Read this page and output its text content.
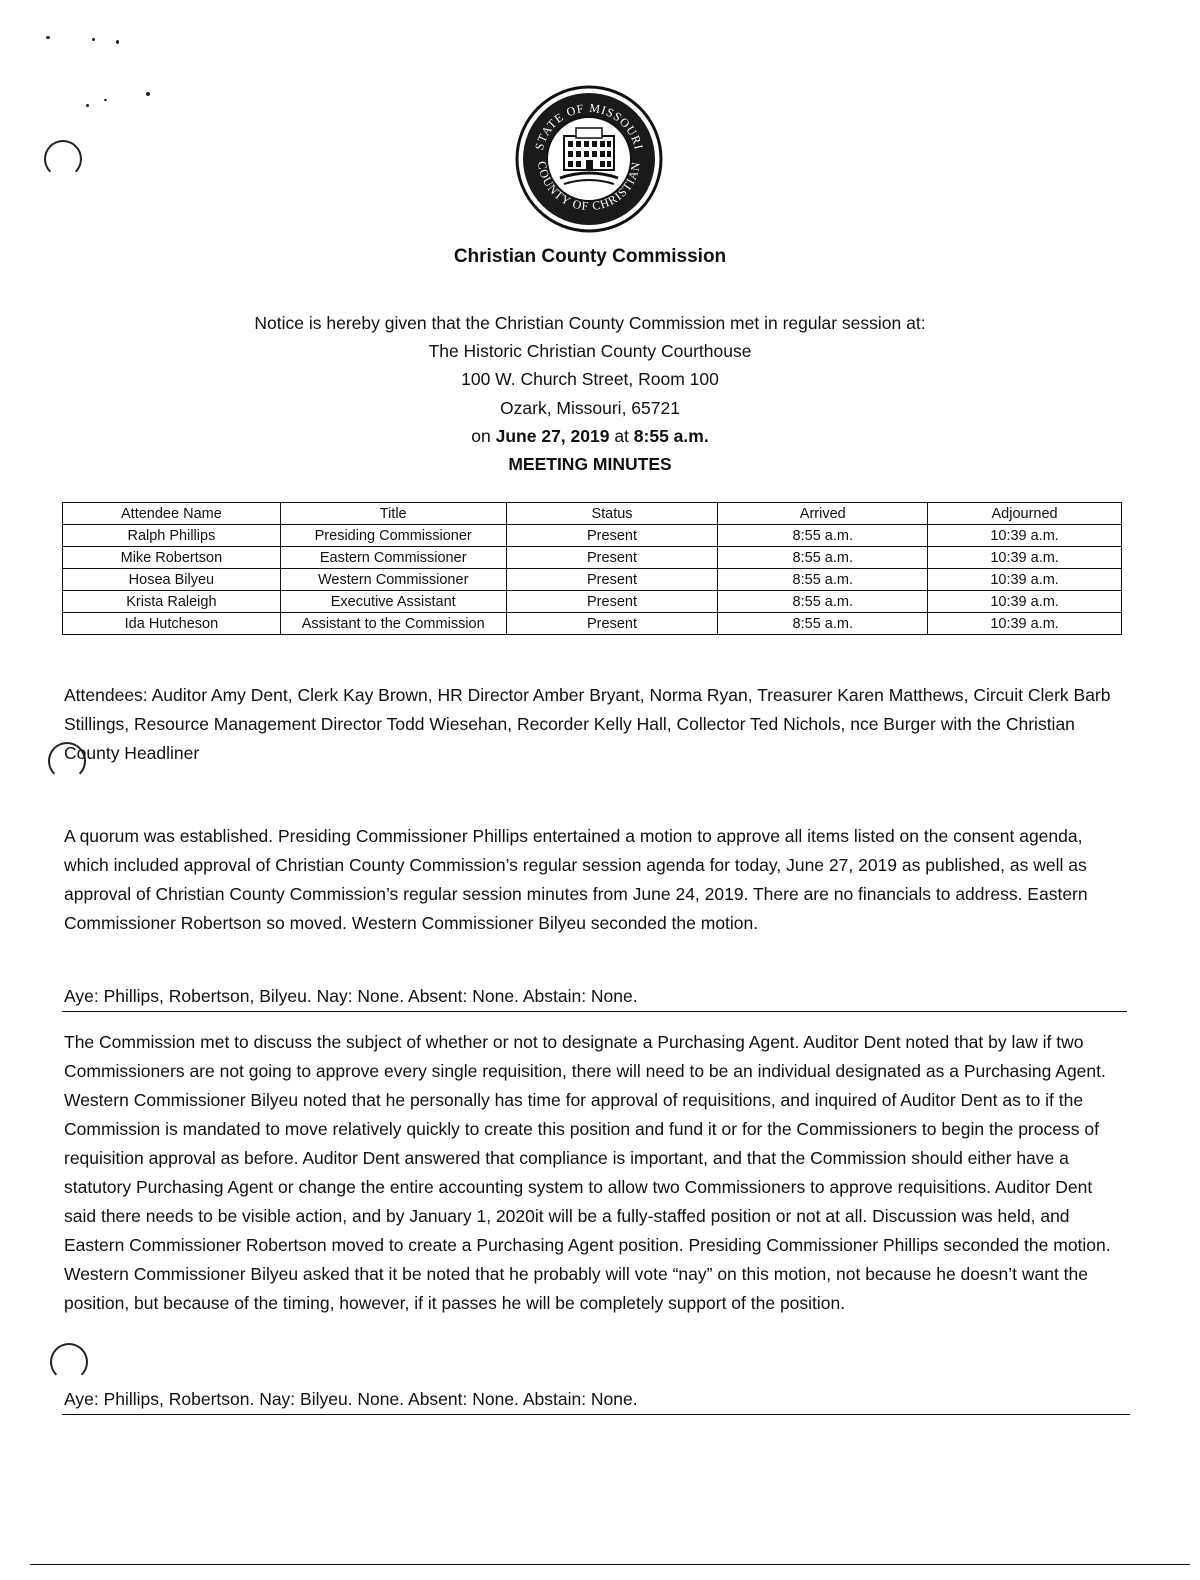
STATE OF MISSOURI
COUNTY OF CHRISTIAN
Christian County Commission
Notice is hereby given that the Christian County Commission met in regular session at:
The Historic Christian County Courthouse
100 W. Church Street, Room 100
Ozark, Missouri, 65721
on June 27, 2019 at 8:55 a.m.
MEETING MINUTES
Attendee Name	Title	Status	Arrived	Adjourned
Ralph Phillips	Presiding Commissioner	Present	8:55 a.m.	10:39 a.m.
Mike Robertson	Eastern Commissioner	Present	8:55 a.m.	10:39 a.m.
Hosea Bilyeu	Western Commissioner	Present	8:55 a.m.	10:39 a.m.
Krista Raleigh	Executive Assistant	Present	8:55 a.m.	10:39 a.m.
Ida Hutcheson	Assistant to the Commission	Present	8:55 a.m.	10:39 a.m.
Attendees: Auditor Amy Dent, Clerk Kay Brown, HR Director Amber Bryant, Norma Ryan, Treasurer Karen Matthews, Circuit Clerk Barb Stillings, Resource Management Director Todd Wiesehan, Recorder Kelly Hall, Collector Ted Nichols, nce Burger with the Christian County Headliner
A quorum was established. Presiding Commissioner Phillips entertained a motion to approve all items listed on the consent agenda, which included approval of Christian County Commission’s regular session agenda for today, June 27, 2019 as published, as well as approval of Christian County Commission’s regular session minutes from June 24, 2019. There are no financials to address. Eastern Commissioner Robertson so moved. Western Commissioner Bilyeu seconded the motion.
Aye: Phillips, Robertson, Bilyeu. Nay: None. Absent: None. Abstain: None.
The Commission met to discuss the subject of whether or not to designate a Purchasing Agent. Auditor Dent noted that by law if two Commissioners are not going to approve every single requisition, there will need to be an individual designated as a Purchasing Agent. Western Commissioner Bilyeu noted that he personally has time for approval of requisitions, and inquired of Auditor Dent as to if the Commission is mandated to move relatively quickly to create this position and fund it or for the Commissioners to begin the process of requisition approval as before. Auditor Dent answered that compliance is important, and that the Commission should either have a statutory Purchasing Agent or change the entire accounting system to allow two Commissioners to approve requisitions. Auditor Dent said there needs to be visible action, and by January 1, 2020it will be a fully-staffed position or not at all. Discussion was held, and Eastern Commissioner Robertson moved to create a Purchasing Agent position. Presiding Commissioner Phillips seconded the motion. Western Commissioner Bilyeu asked that it be noted that he probably will vote “nay” on this motion, not because he doesn’t want the position, but because of the timing, however, if it passes he will be completely support of the position.
Aye: Phillips, Robertson. Nay: Bilyeu. None. Absent: None. Abstain: None.
